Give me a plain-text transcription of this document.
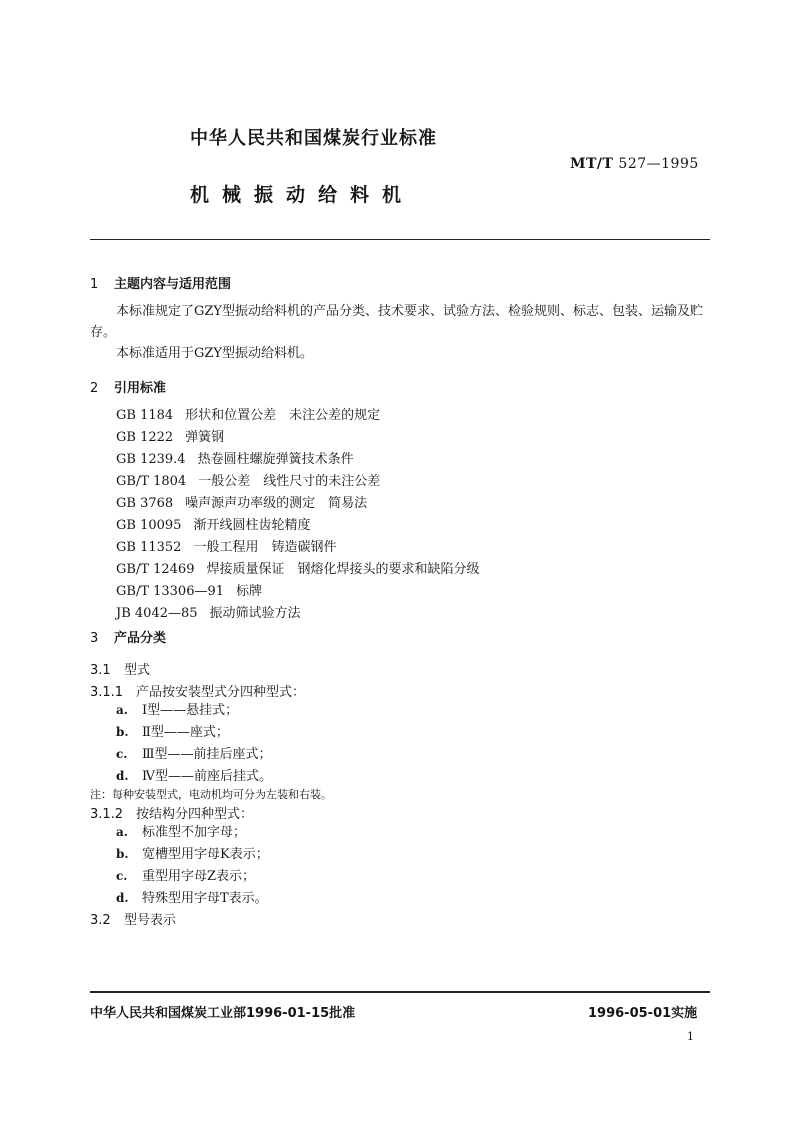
中华人民共和国煤炭行业标准
MT/T 527—1995
机械振动给料机
1 主题内容与适用范围
本标准规定了GZY型振动给料机的产品分类、技术要求、试验方法、检验规则、标志、包装、运输及贮存。
本标准适用于GZY型振动给料机。
2 引用标准
GB 1184 形状和位置公差　未注公差的规定
GB 1222 弹簧钢
GB 1239.4 热卷圆柱螺旋弹簧技术条件
GB/T 1804 一般公差　线性尺寸的未注公差
GB 3768 噪声源声功率级的测定　简易法
GB 10095 渐开线圆柱齿轮精度
GB 11352 一般工程用　铸造碳钢件
GB/T 12469 焊接质量保证　钢熔化焊接头的要求和缺陷分级
GB/T 13306—91 标牌
JB 4042—85 振动筛试验方法
3 产品分类
3.1 型式
3.1.1 产品按安装型式分四种型式：
a. Ⅰ型——悬挂式；
b. Ⅱ型——座式；
c. Ⅲ型——前挂后座式；
d. Ⅳ型——前座后挂式。
注：每种安装型式，电动机均可分为左装和右装。
3.1.2 按结构分四种型式：
a. 标准型不加字母；
b. 宽槽型用字母K表示；
c. 重型用字母Z表示；
d. 特殊型用字母T表示。
3.2 型号表示
中华人民共和国煤炭工业部1996-01-15批准	1996-05-01实施
1
